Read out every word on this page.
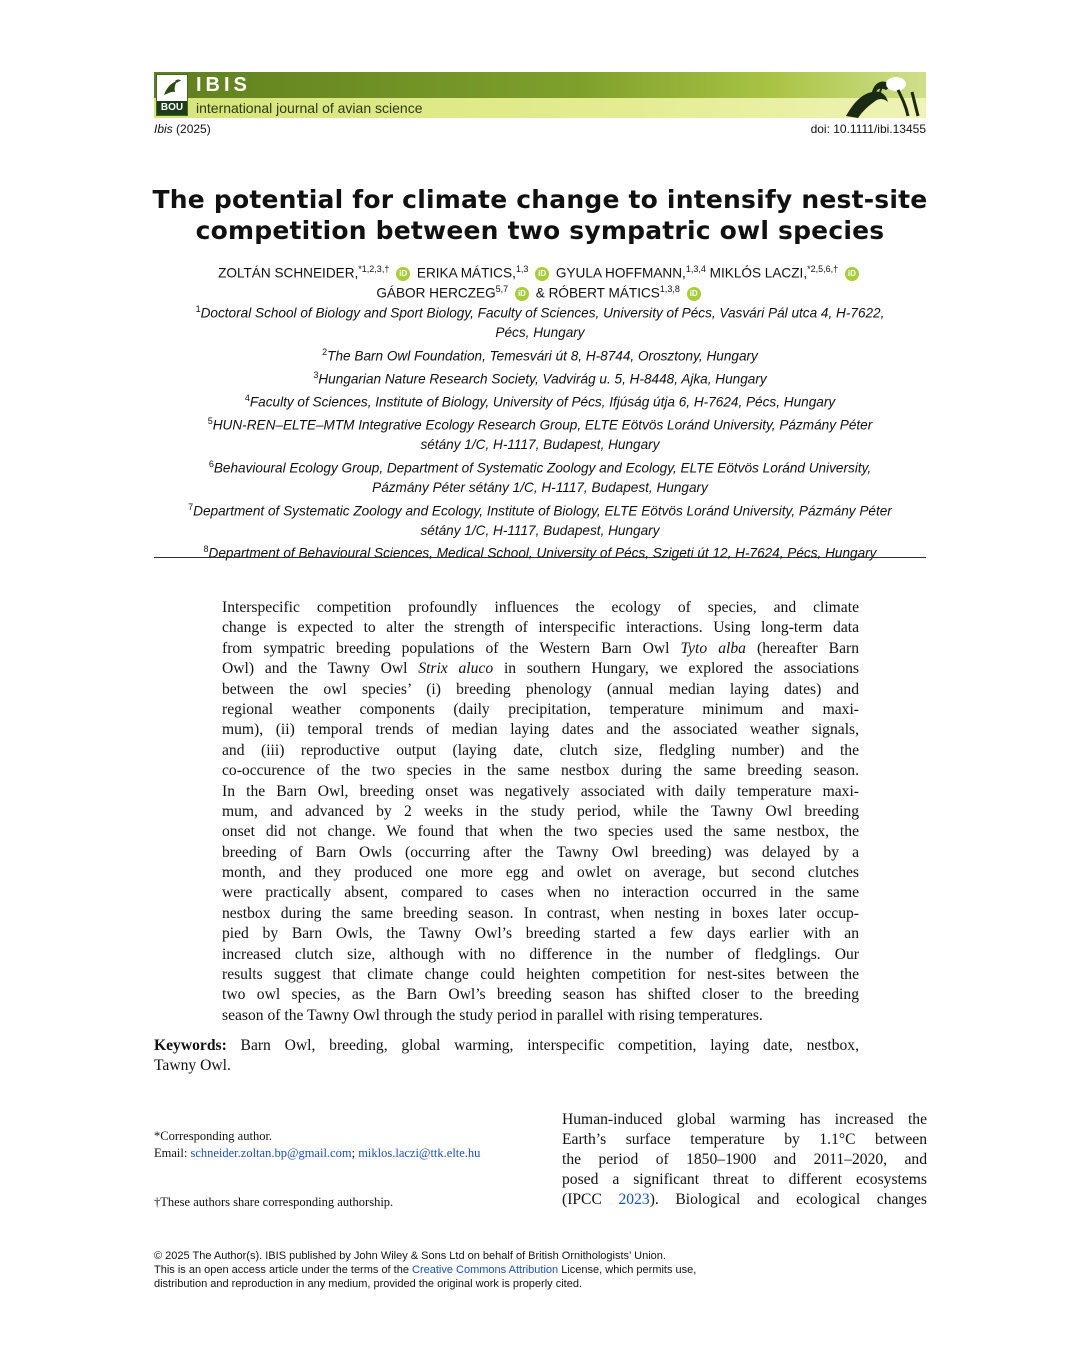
BOU
IBIS
international journal of avian science
Ibis (2025)	doi: 10.1111/ibi.13455
The potential for climate change to intensify nest-site
competition between two sympatric owl species
ZOLTÁN SCHNEIDER,$^{*1,2,3,\dagger}$ iD ERIKA MÁTICS,$^{1,3}$ iD GYULA HOFFMANN,$^{1,3,4}$ MIKLÓS LACZI,$^{*2,5,6,\dagger}$ iD
GÁBOR HERCZEG$^{5,7}$ iD & RÓBERT MÁTICS$^{1,3,8}$ iD
$^1$Doctoral School of Biology and Sport Biology, Faculty of Sciences, University of Pécs, Vasvári Pál utca 4, H-7622,
Pécs, Hungary
$^2$The Barn Owl Foundation, Temesvári út 8, H-8744, Orosztony, Hungary
$^3$Hungarian Nature Research Society, Vadvirág u. 5, H-8448, Ajka, Hungary
$^4$Faculty of Sciences, Institute of Biology, University of Pécs, Ifjúság útja 6, H-7624, Pécs, Hungary
$^5$HUN-REN–ELTE–MTM Integrative Ecology Research Group, ELTE Eötvös Loránd University, Pázmány Péter
sétány 1/C, H-1117, Budapest, Hungary
$^6$Behavioural Ecology Group, Department of Systematic Zoology and Ecology, ELTE Eötvös Loránd University,
Pázmány Péter sétány 1/C, H-1117, Budapest, Hungary
$^7$Department of Systematic Zoology and Ecology, Institute of Biology, ELTE Eötvös Loránd University, Pázmány Péter
sétány 1/C, H-1117, Budapest, Hungary
$^8$Department of Behavioural Sciences, Medical School, University of Pécs, Szigeti út 12, H-7624, Pécs, Hungary
Interspecific competition profoundly influences the ecology of species, and climate
change is expected to alter the strength of interspecific interactions. Using long-term data
from sympatric breeding populations of the Western Barn Owl Tyto alba (hereafter Barn
Owl) and the Tawny Owl Strix aluco in southern Hungary, we explored the associations
between the owl species’ (i) breeding phenology (annual median laying dates) and
regional weather components (daily precipitation, temperature minimum and maxi-
mum), (ii) temporal trends of median laying dates and the associated weather signals,
and (iii) reproductive output (laying date, clutch size, fledgling number) and the
co-occurence of the two species in the same nestbox during the same breeding season.
In the Barn Owl, breeding onset was negatively associated with daily temperature maxi-
mum, and advanced by 2 weeks in the study period, while the Tawny Owl breeding
onset did not change. We found that when the two species used the same nestbox, the
breeding of Barn Owls (occurring after the Tawny Owl breeding) was delayed by a
month, and they produced one more egg and owlet on average, but second clutches
were practically absent, compared to cases when no interaction occurred in the same
nestbox during the same breeding season. In contrast, when nesting in boxes later occup-
pied by Barn Owls, the Tawny Owl’s breeding started a few days earlier with an
increased clutch size, although with no difference in the number of fledglings. Our
results suggest that climate change could heighten competition for nest-sites between the
two owl species, as the Barn Owl’s breeding season has shifted closer to the breeding
season of the Tawny Owl through the study period in parallel with rising temperatures.
Keywords: Barn Owl, breeding, global warming, interspecific competition, laying date, nestbox,
Tawny Owl.
*Corresponding author.
Email: schneider.zoltan.bp@gmail.com; miklos.laczi@ttk.elte.hu
†These authors share corresponding authorship.
Human-induced global warming has increased the
Earth’s surface temperature by 1.1°C between
the period of 1850–1900 and 2011–2020, and
posed a significant threat to different ecosystems
(IPCC 2023). Biological and ecological changes
© 2025 The Author(s). IBIS published by John Wiley & Sons Ltd on behalf of British Ornithologists’ Union.
This is an open access article under the terms of the Creative Commons Attribution License, which permits use,
distribution and reproduction in any medium, provided the original work is properly cited.
